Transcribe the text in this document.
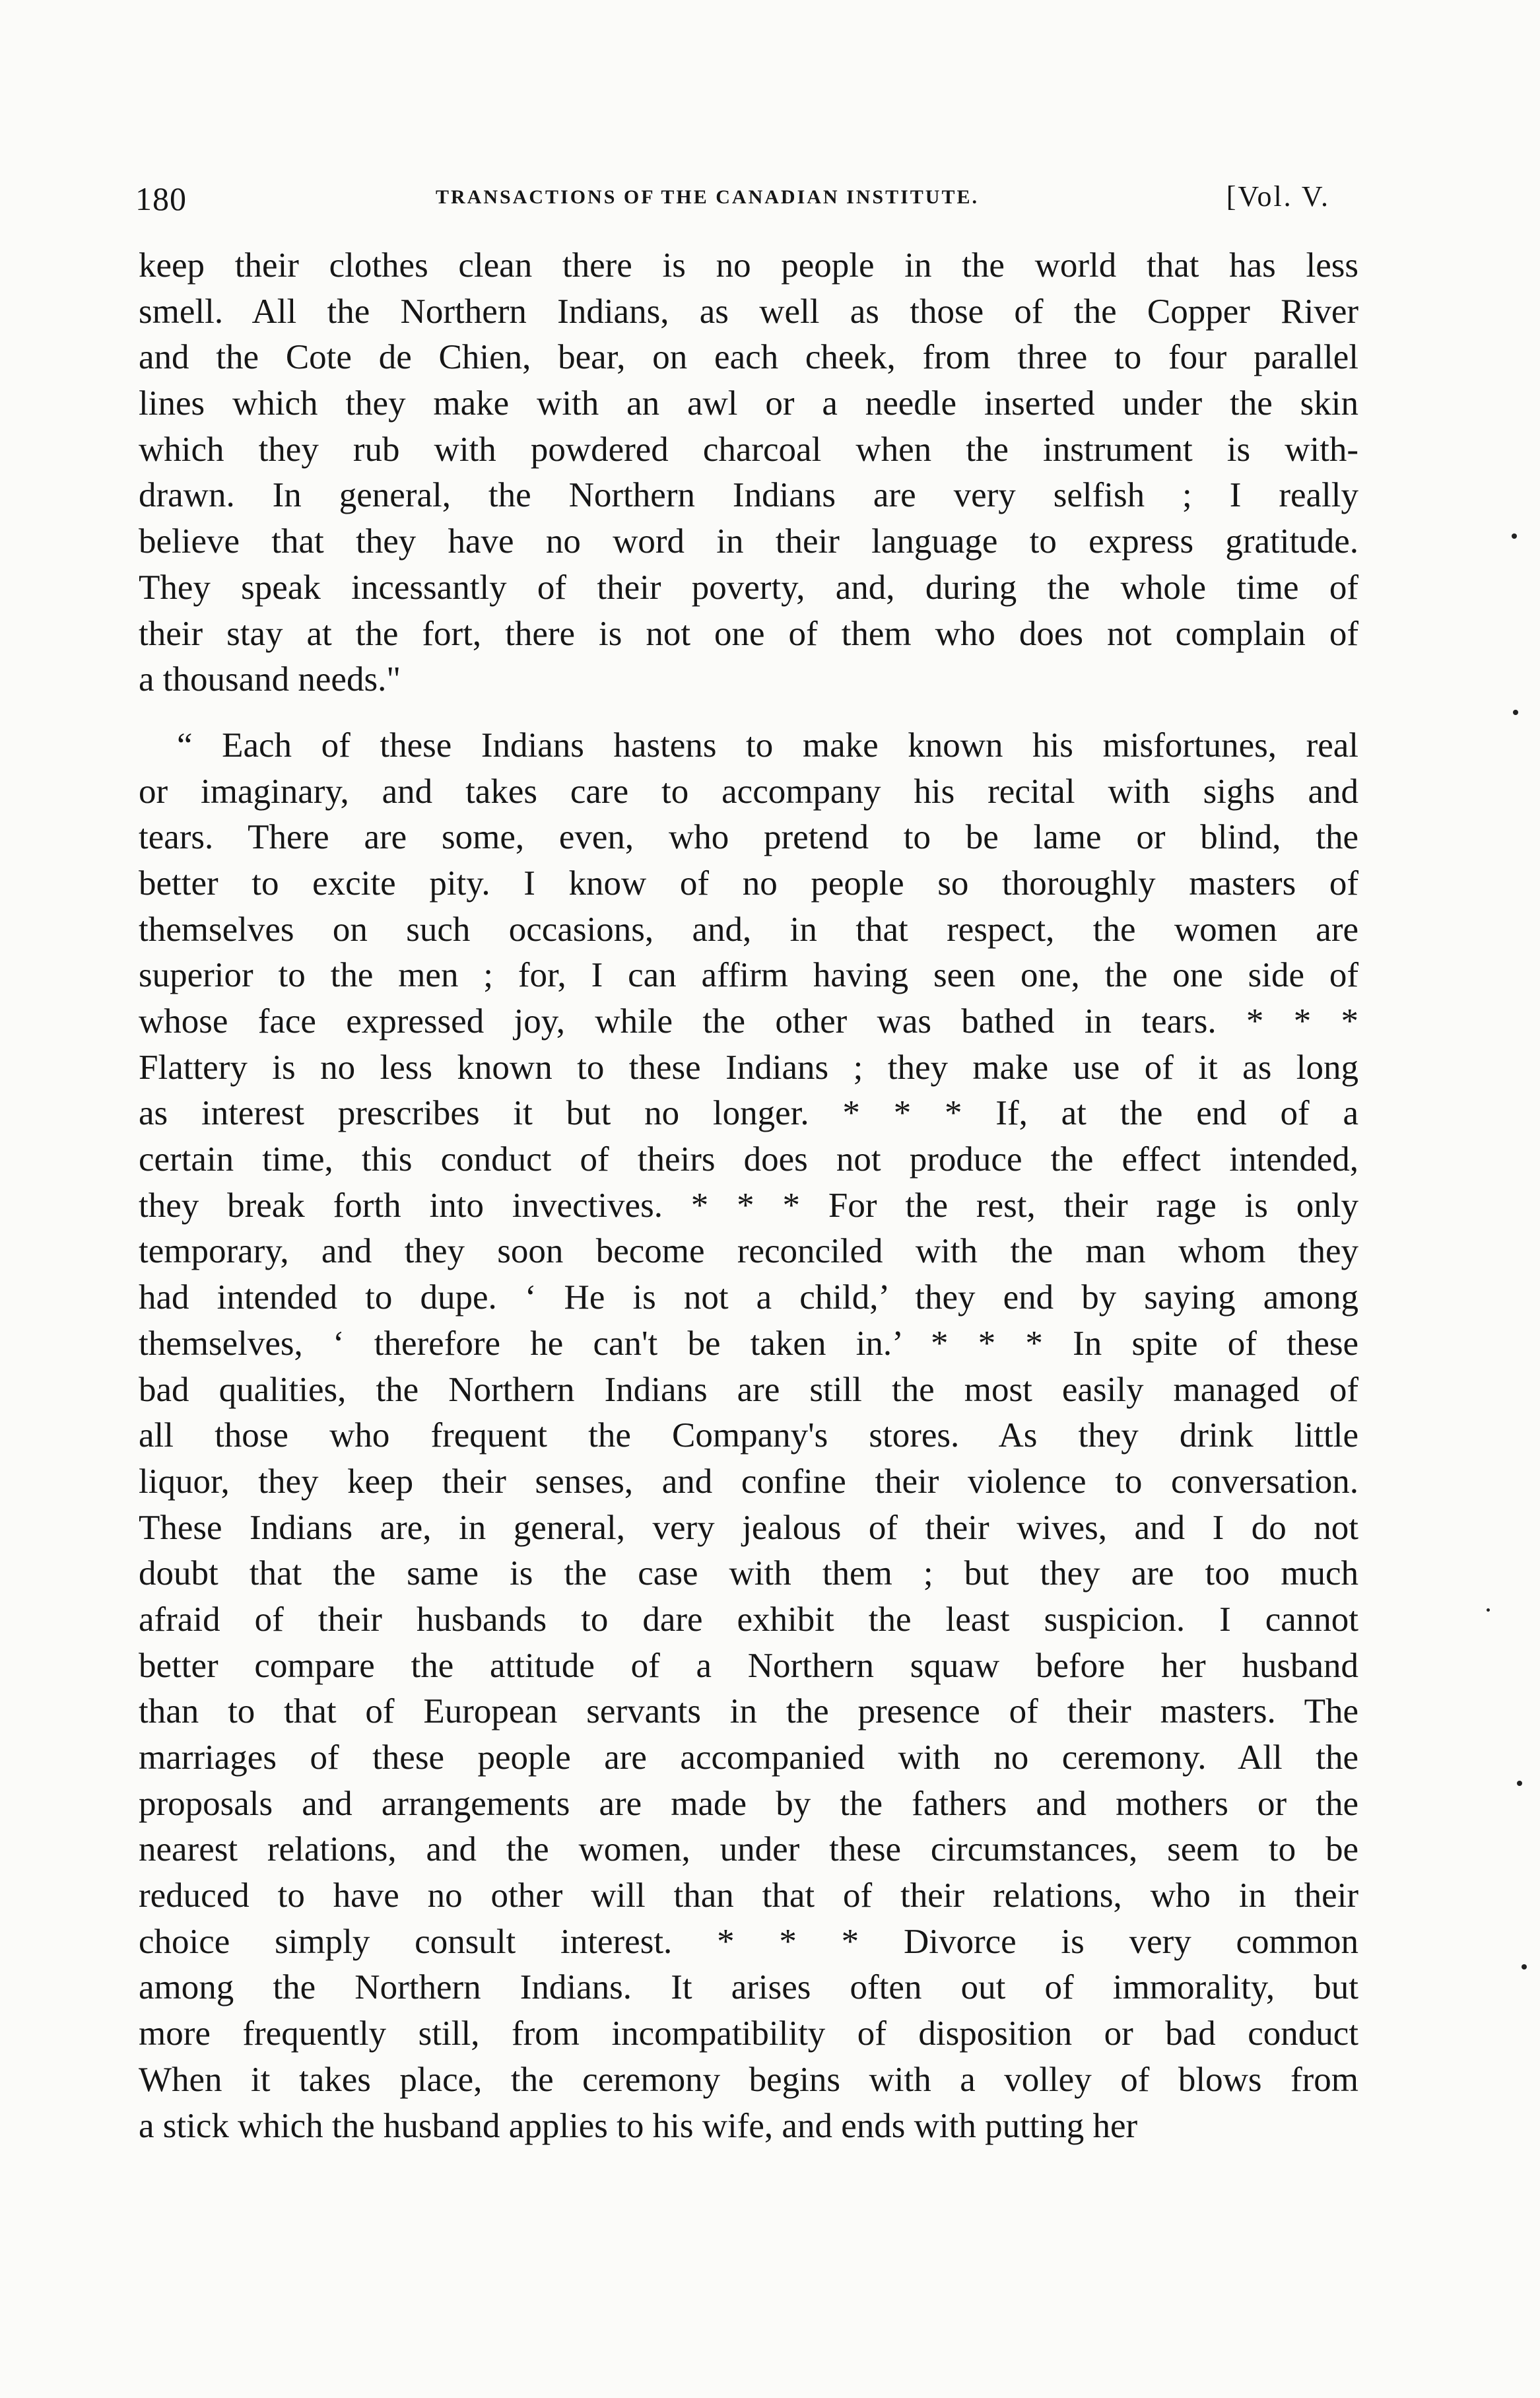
180	TRANSACTIONS OF THE CANADIAN INSTITUTE.	[Vol. V.
keep their clothes clean there is no people in the world that has less
smell. All the Northern Indians, as well as those of the Copper River
and the Cote de Chien, bear, on each cheek, from three to four parallel
lines which they make with an awl or a needle inserted under the skin
which they rub with powdered charcoal when the instrument is with-
drawn. In general, the Northern Indians are very selfish ; I really
believe that they have no word in their language to express gratitude.
They speak incessantly of their poverty, and, during the whole time of
their stay at the fort, there is not one of them who does not complain of
a thousand needs."
“ Each of these Indians hastens to make known his misfortunes, real
or imaginary, and takes care to accompany his recital with sighs and
tears. There are some, even, who pretend to be lame or blind, the
better to excite pity. I know of no people so thoroughly masters of
themselves on such occasions, and, in that respect, the women are
superior to the men ; for, I can affirm having seen one, the one side of
whose face expressed joy, while the other was bathed in tears. * * *
Flattery is no less known to these Indians ; they make use of it as long
as interest prescribes it but no longer. * * * If, at the end of a
certain time, this conduct of theirs does not produce the effect intended,
they break forth into invectives. * * * For the rest, their rage is only
temporary, and they soon become reconciled with the man whom they
had intended to dupe. ‘ He is not a child,’ they end by saying among
themselves, ‘ therefore he can't be taken in.’ * * * In spite of these
bad qualities, the Northern Indians are still the most easily managed of
all those who frequent the Company's stores. As they drink little
liquor, they keep their senses, and confine their violence to conversation.
These Indians are, in general, very jealous of their wives, and I do not
doubt that the same is the case with them ; but they are too much
afraid of their husbands to dare exhibit the least suspicion. I cannot
better compare the attitude of a Northern squaw before her husband
than to that of European servants in the presence of their masters. The
marriages of these people are accompanied with no ceremony. All the
proposals and arrangements are made by the fathers and mothers or the
nearest relations, and the women, under these circumstances, seem to be
reduced to have no other will than that of their relations, who in their
choice simply consult interest. * * * Divorce is very common
among the Northern Indians. It arises often out of immorality, but
more frequently still, from incompatibility of disposition or bad conduct
When it takes place, the ceremony begins with a volley of blows from
a stick which the husband applies to his wife, and ends with putting her
